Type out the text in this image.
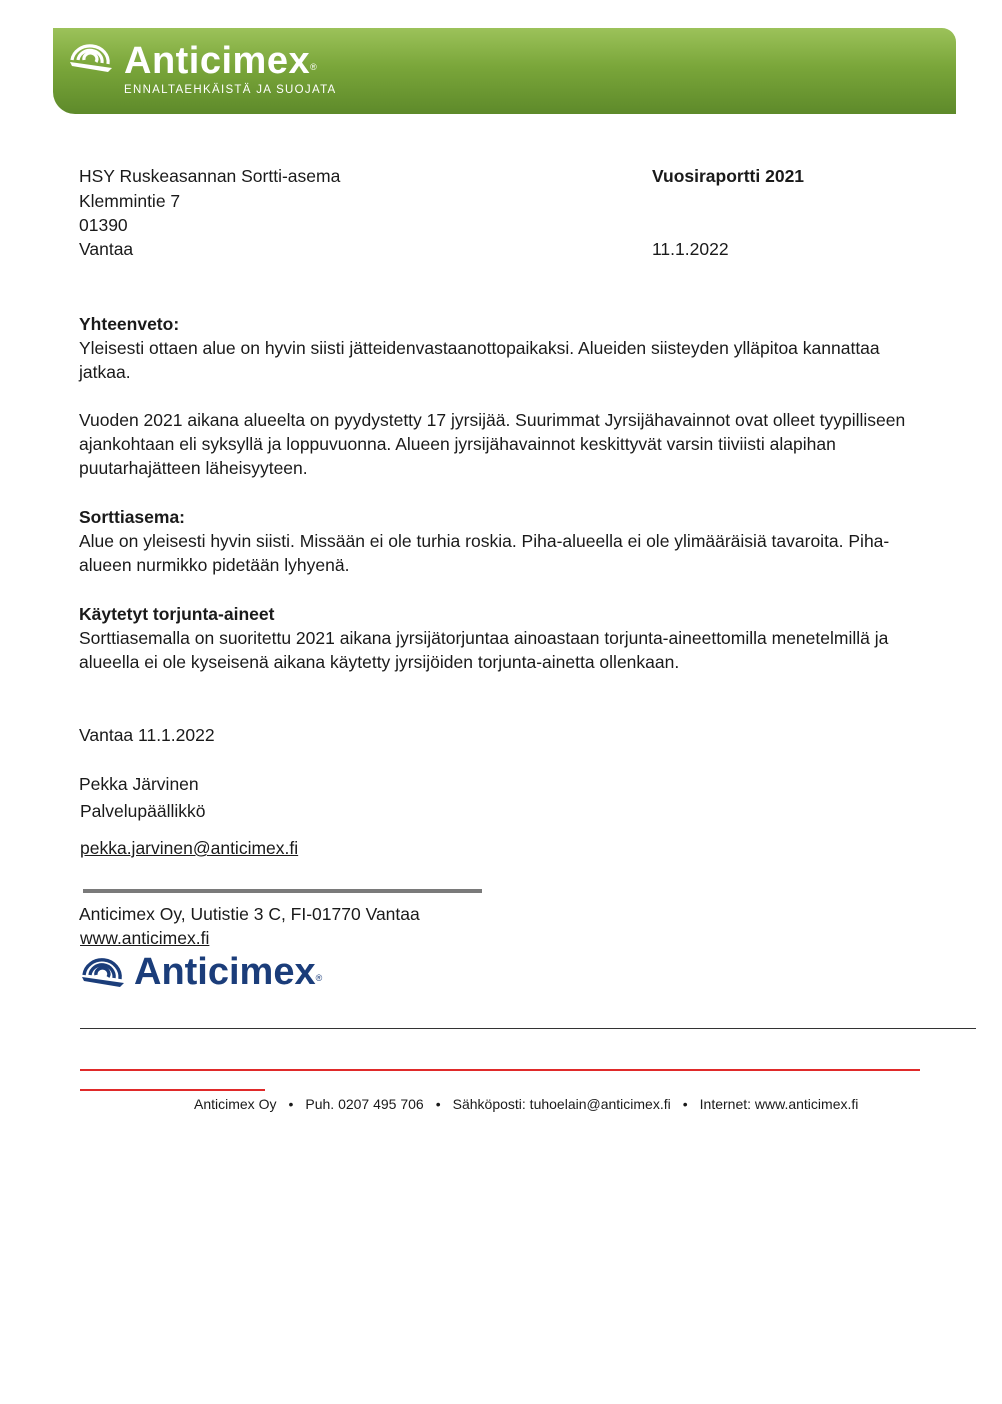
Anticimex®
ENNALTAEHKÄISTÄ JA SUOJATA
HSY Ruskeasannan Sortti-asema
Klemmintie 7
01390
Vantaa
Vuosiraportti 2021
11.1.2022
Yhteenveto:
Yleisesti ottaen alue on hyvin siisti jätteidenvastaanottopaikaksi. Alueiden siisteyden ylläpitoa kannattaa jatkaa.
Vuoden 2021 aikana alueelta on pyydystetty 17 jyrsijää. Suurimmat Jyrsijähavainnot ovat olleet tyypilliseen ajankohtaan eli syksyllä ja loppuvuonna. Alueen jyrsijähavainnot keskittyvät varsin tiiviisti alapihan puutarhajätteen läheisyyteen.
Sorttiasema:
Alue on yleisesti hyvin siisti. Missään ei ole turhia roskia. Piha-alueella ei ole ylimääräisiä tavaroita. Piha-alueen nurmikko pidetään lyhyenä.
Käytetyt torjunta-aineet
Sorttiasemalla on suoritettu 2021 aikana jyrsijätorjuntaa ainoastaan torjunta-aineettomilla menetelmillä ja alueella ei ole kyseisenä aikana käytetty jyrsijöiden torjunta-ainetta ollenkaan.
Vantaa 11.1.2022
Pekka Järvinen
Palvelupäällikkö
pekka.jarvinen@anticimex.fi
Anticimex Oy, Uutistie 3 C, FI-01770 Vantaa
www.anticimex.fi
Anticimex®
Anticimex Oy • Puh. 0207 495 706 • Sähköposti: tuhoelain@anticimex.fi • Internet: www.anticimex.fi
